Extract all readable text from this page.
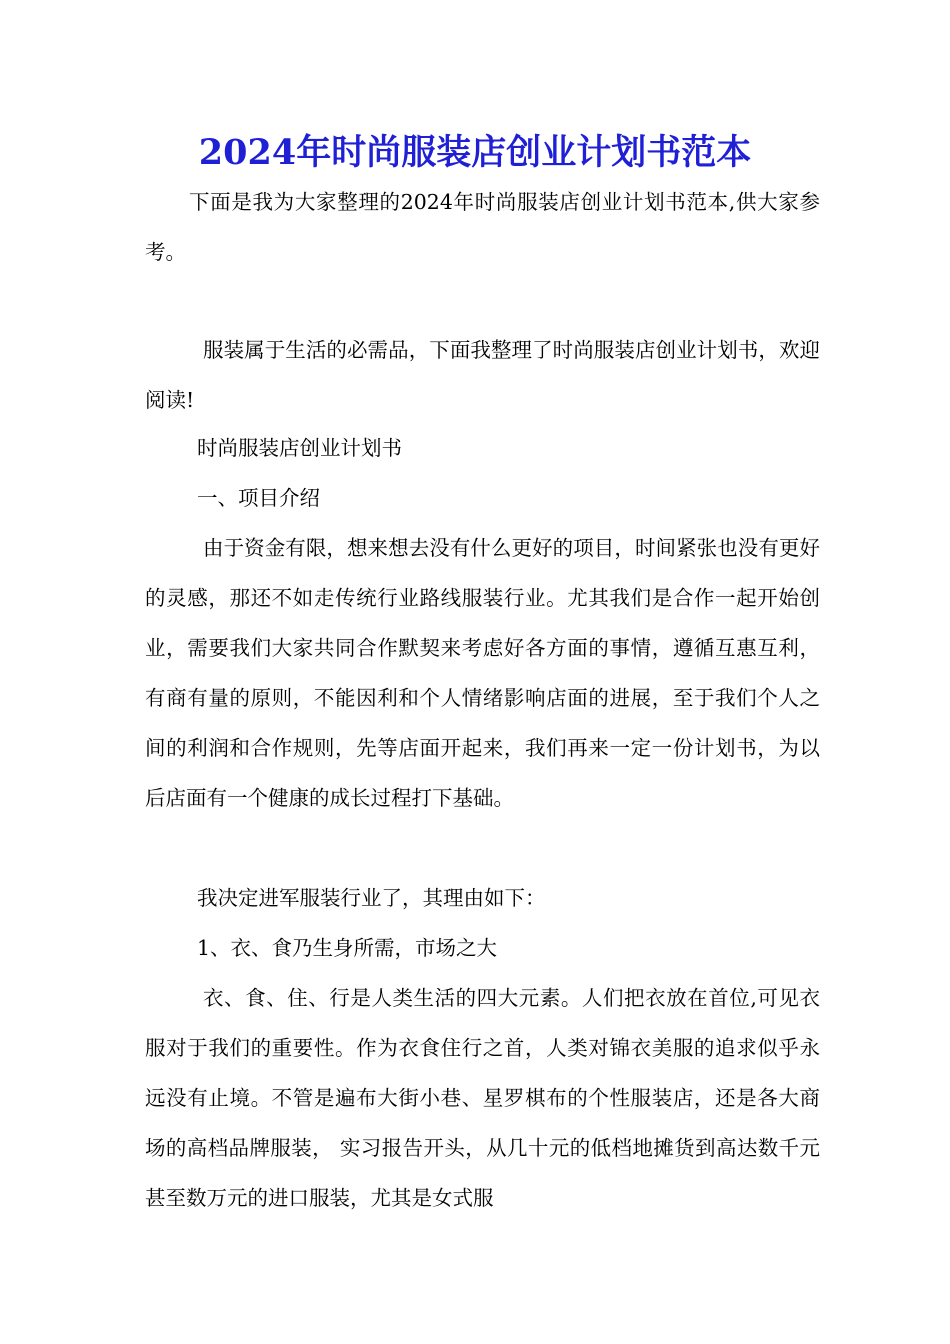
2024年时尚服装店创业计划书范本

下面是我为大家整理的2024年时尚服装店创业计划书范本,供大家参考。

服装属于生活的必需品，下面我整理了时尚服装店创业计划书，欢迎阅读!

时尚服装店创业计划书

一、项目介绍

由于资金有限，想来想去没有什么更好的项目，时间紧张也没有更好的灵感，那还不如走传统行业路线服装行业。尤其我们是合作一起开始创业，需要我们大家共同合作默契来考虑好各方面的事情，遵循互惠互利，有商有量的原则，不能因利和个人情绪影响店面的进展，至于我们个人之间的利润和合作规则，先等店面开起来，我们再来一定一份计划书，为以后店面有一个健康的成长过程打下基础。

我决定进军服装行业了，其理由如下：

1、衣、食乃生身所需，市场之大

衣、食、住、行是人类生活的四大元素。人们把衣放在首位,可见衣服对于我们的重要性。作为衣食住行之首，人类对锦衣美服的追求似乎永远没有止境。不管是遍布大街小巷、星罗棋布的个性服装店，还是各大商场的高档品牌服装， 实习报告开头，从几十元的低档地摊货到高达数千元甚至数万元的进口服装，尤其是女式服
